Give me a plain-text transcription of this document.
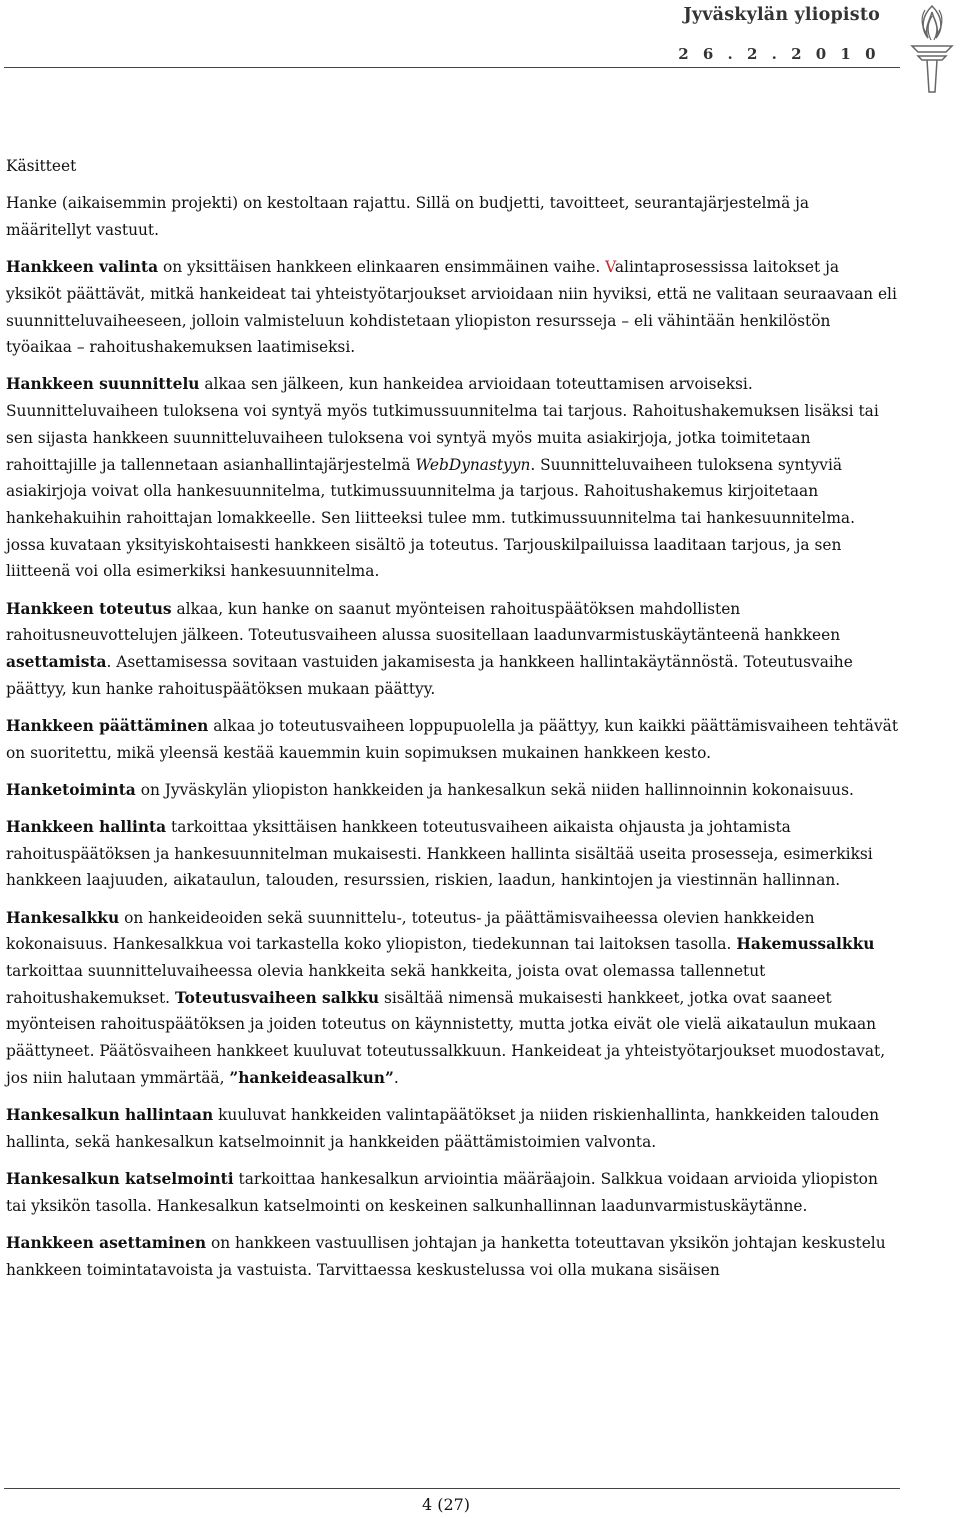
Jyväskylän yliopisto
2 6 . 2 . 2 0 1 0

Käsitteet

Hanke (aikaisemmin projekti) on kestoltaan rajattu. Sillä on budjetti, tavoitteet, seurantajärjestelmä ja määritellyt vastuut.

Hankkeen valinta on yksittäisen hankkeen elinkaaren ensimmäinen vaihe. Valintaprosessissa laitokset ja yksiköt päättävät, mitkä hankeideat tai yhteistyötarjoukset arvioidaan niin hyviksi, että ne valitaan seuraavaan eli suunnitteluvaiheeseen, jolloin valmisteluun kohdistetaan yliopiston resursseja – eli vähintään henkilöstön työaikaa – rahoitushakemuksen laatimiseksi.

Hankkeen suunnittelu alkaa sen jälkeen, kun hankeidea arvioidaan toteuttamisen arvoiseksi. Suunnitteluvaiheen tuloksena voi syntyä myös tutkimussuunnitelma tai tarjous. Rahoitushakemuksen lisäksi tai sen sijasta hankkeen suunnitteluvaiheen tuloksena voi syntyä myös muita asiakirjoja, jotka toimitetaan rahoittajille ja tallennetaan asianhallintajärjestelmä WebDynastyyn. Suunnitteluvaiheen tuloksena syntyviä asiakirjoja voivat olla hankesuunnitelma, tutkimussuunnitelma ja tarjous. Rahoitushakemus kirjoitetaan hankehakuihin rahoittajan lomakkeelle. Sen liitteeksi tulee mm. tutkimussuunnitelma tai hankesuunnitelma. jossa kuvataan yksityiskohtaisesti hankkeen sisältö ja toteutus. Tarjouskilpailuissa laaditaan tarjous, ja sen liitteenä voi olla esimerkiksi hankesuunnitelma.

Hankkeen toteutus alkaa, kun hanke on saanut myönteisen rahoituspäätöksen mahdollisten rahoitusneuvottelujen jälkeen. Toteutusvaiheen alussa suositellaan laadunvarmistuskäytänteenä hankkeen asettamista. Asettamisessa sovitaan vastuiden jakamisesta ja hankkeen hallintakäytännöstä. Toteutusvaihe päättyy, kun hanke rahoituspäätöksen mukaan päättyy.

Hankkeen päättäminen alkaa jo toteutusvaiheen loppupuolella ja päättyy, kun kaikki päättämisvaiheen tehtävät on suoritettu, mikä yleensä kestää kauemmin kuin sopimuksen mukainen hankkeen kesto.

Hanketoiminta on Jyväskylän yliopiston hankkeiden ja hankesalkun sekä niiden hallinnoinnin kokonaisuus.

Hankkeen hallinta tarkoittaa yksittäisen hankkeen toteutusvaiheen aikaista ohjausta ja johtamista rahoituspäätöksen ja hankesuunnitelman mukaisesti. Hankkeen hallinta sisältää useita prosesseja, esimerkiksi hankkeen laajuuden, aikataulun, talouden, resurssien, riskien, laadun, hankintojen ja viestinnän hallinnan.

Hankesalkku on hankeideoiden sekä suunnittelu-, toteutus- ja päättämisvaiheessa olevien hankkeiden kokonaisuus. Hankesalkkua voi tarkastella koko yliopiston, tiedekunnan tai laitoksen tasolla. Hakemussalkku tarkoittaa suunnitteluvaiheessa olevia hankkeita sekä hankkeita, joista ovat olemassa tallennetut rahoitushakemukset. Toteutusvaiheen salkku sisältää nimensä mukaisesti hankkeet, jotka ovat saaneet myönteisen rahoituspäätöksen ja joiden toteutus on käynnistetty, mutta jotka eivät ole vielä aikataulun mukaan päättyneet. Päätösvaiheen hankkeet kuuluvat toteutussalkkuun. Hankeideat ja yhteistyötarjoukset muodostavat, jos niin halutaan ymmärtää, ”hankeideasalkun”.

Hankesalkun hallintaan kuuluvat hankkeiden valintapäätökset ja niiden riskienhallinta, hankkeiden talouden hallinta, sekä hankesalkun katselmoinnit ja hankkeiden päättämistoimien valvonta.

Hankesalkun katselmointi tarkoittaa hankesalkun arviointia määräajoin. Salkkua voidaan arvioida yliopiston tai yksikön tasolla. Hankesalkun katselmointi on keskeinen salkunhallinnan laadunvarmistuskäytänne.

Hankkeen asettaminen on hankkeen vastuullisen johtajan ja hanketta toteuttavan yksikön johtajan keskustelu hankkeen toimintatavoista ja vastuista. Tarvittaessa keskustelussa voi olla mukana sisäisen

4 (27)
